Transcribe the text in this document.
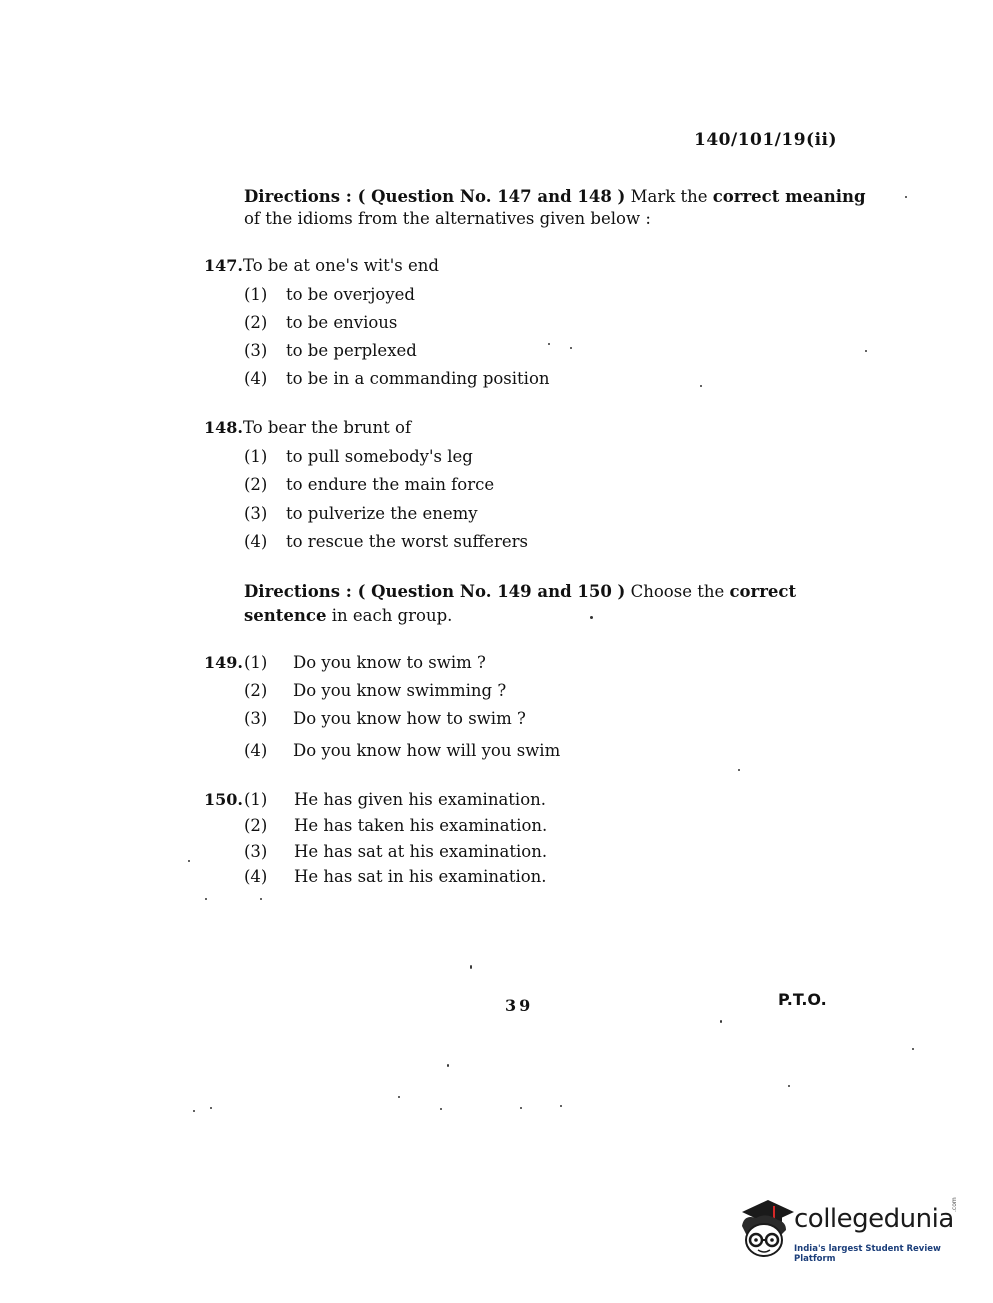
140/101/19(ii)
Directions : ( Question No. 147 and 148 ) Mark the correct meaning
of the idioms from the alternatives given below :
147.To be at one's wit's end
(1) to be overjoyed
(2) to be envious
(3) to be perplexed
(4) to be in a commanding position
148.To bear the brunt of
(1) to pull somebody's leg
(2) to endure the main force
(3) to pulverize the enemy
(4) to rescue the worst sufferers
Directions : ( Question No. 149 and 150 ) Choose the correct
sentence in each group.
149. (1) Do you know to swim ?
(2) Do you know swimming ?
(3) Do you know how to swim ?
(4) Do you know how will you swim
150. (1) He has given his examination.
(2) He has taken his examination.
(3) He has sat at his examination.
(4) He has sat in his examination.
39	P.T.O.
collegedunia
.com
India's largest Student Review Platform
